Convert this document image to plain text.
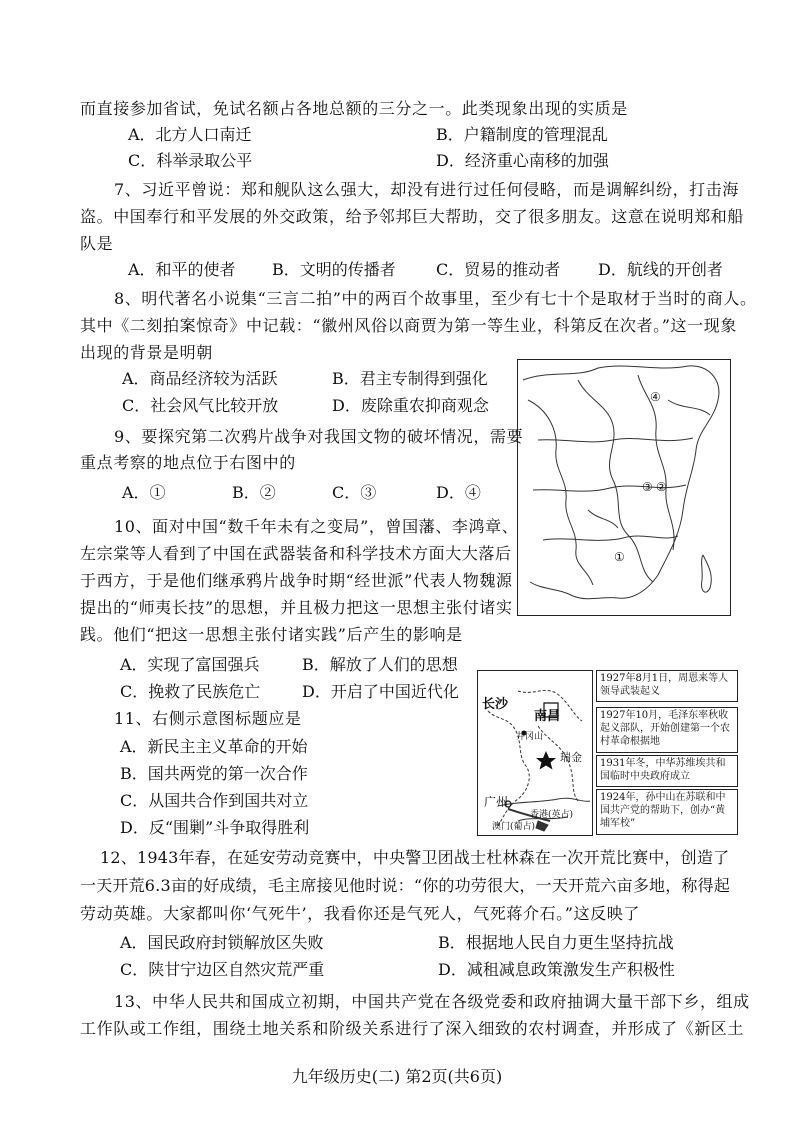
而直接参加省试，免试名额占各地总额的三分之一。此类现象出现的实质是
A．北方人口南迁	B．户籍制度的管理混乱
C．科举录取公平	D．经济重心南移的加强
7、习近平曾说：郑和舰队这么强大，却没有进行过任何侵略，而是调解纠纷，打击海
盗。中国奉行和平发展的外交政策，给予邻邦巨大帮助，交了很多朋友。这意在说明郑和船
队是
A．和平的使者 B．文明的传播者	C．贸易的推动者 D．航线的开创者
8、明代著名小说集“三言二拍”中的两百个故事里，至少有七十个是取材于当时的商人。
其中《二刻拍案惊奇》中记载：“徽州风俗以商贾为第一等生业，科第反在次者。”这一现象
出现的背景是明朝
A．商品经济较为活跃	B．君主专制得到强化
C．社会风气比较开放	D．废除重农抑商观念	④
③ ②
①
9、要探究第二次鸦片战争对我国文物的破坏情况，需要
重点考察的地点位于右图中的
A．①	B．②	C．③	D．④
10、面对中国“数千年未有之变局”，曾国藩、李鸿章、
左宗棠等人看到了中国在武器装备和科学技术方面大大落后
于西方，于是他们继承鸦片战争时期“经世派”代表人物魏源
提出的“师夷长技”的思想，并且极力把这一思想主张付诸实
践。他们“把这一思想主张付诸实践”后产生的影响是
A．实现了富国强兵	B．解放了人们的思想
C．挽救了民族危亡	D．开启了中国近代化
长沙
南昌
井冈山
瑞金
广州
香港(英占)
澳门(葡占)
1927年8月1日，周恩来等人领导武装起义
1927年10月，毛泽东率秋收起义部队，开始创建第一个农村革命根据地
1931年冬，中华苏维埃共和国临时中央政府成立
1924年，孙中山在苏联和中国共产党的帮助下，创办“黄埔军校”
11、右侧示意图标题应是
A．新民主主义革命的开始
B．国共两党的第一次合作
C．从国共合作到国共对立
D．反“围剿”斗争取得胜利
12、1943年春，在延安劳动竞赛中，中央警卫团战士杜林森在一次开荒比赛中，创造了
一天开荒6.3亩的好成绩，毛主席接见他时说：“你的功劳很大，一天开荒六亩多地，称得起
劳动英雄。大家都叫你‘气死牛’，我看你还是气死人，气死蒋介石。”这反映了
A．国民政府封锁解放区失败	B．根据地人民自力更生坚持抗战
C．陕甘宁边区自然灾荒严重	D．减租减息政策激发生产积极性
13、中华人民共和国成立初期，中国共产党在各级党委和政府抽调大量干部下乡，组成
工作队或工作组，围绕土地关系和阶级关系进行了深入细致的农村调查，并形成了《新区土
九年级历史(二) 第2页(共6页)
